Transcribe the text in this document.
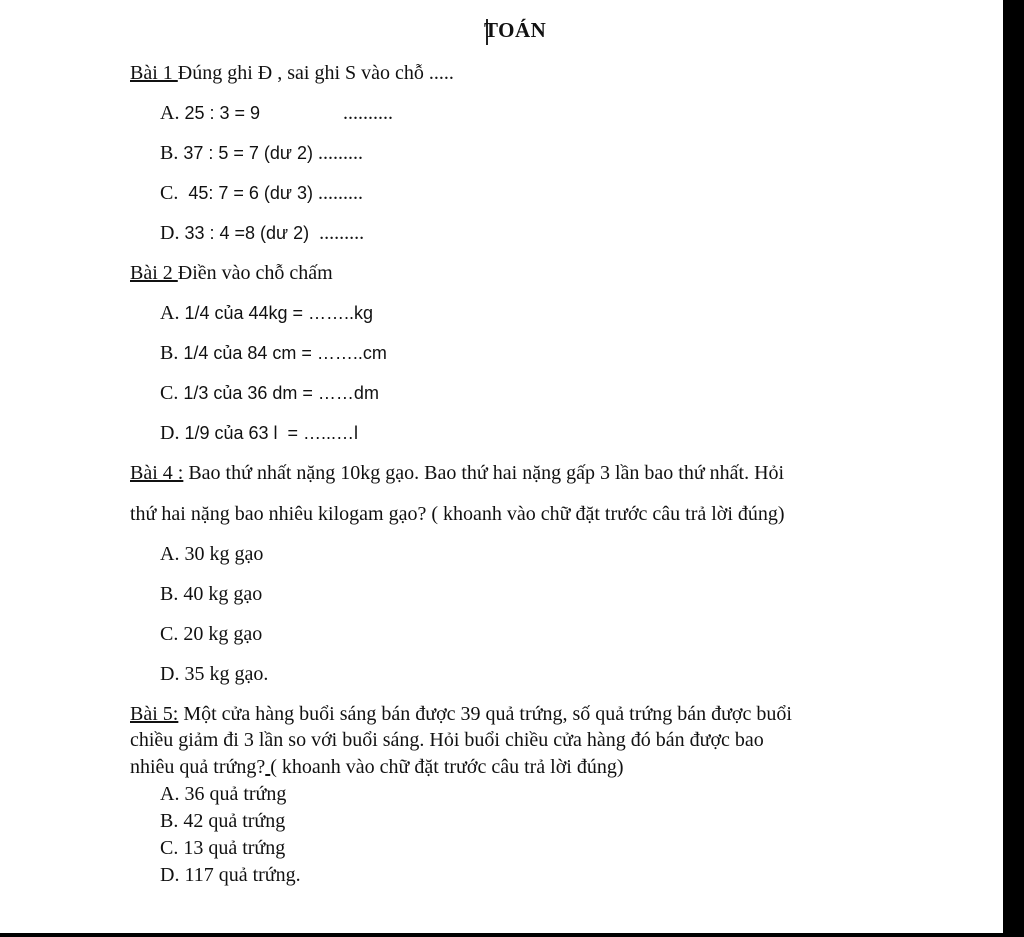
TOÁN
Bài 1 Đúng ghi Đ , sai ghi S vào chỗ .....
A. 25 : 3 = 9	..........
B. 37 : 5 = 7 (dư 2) .........
C. 45: 7 = 6 (dư 3) .........
D. 33 : 4 =8 (dư 2) .........
Bài 2 Điền vào chỗ chấm
A. 1/4 của 44kg = ……..kg
B. 1/4 của 84 cm = ……..cm
C. 1/3 của 36 dm = ……dm
D. 1/9 của 63 l  = …...…l
Bài 4 : Bao thứ nhất nặng 10kg gạo. Bao thứ hai nặng gấp 3 lần bao thứ nhất. Hỏi
thứ hai nặng bao nhiêu kilogam gạo? ( khoanh vào chữ đặt trước câu trả lời đúng)
A. 30 kg gạo
B. 40 kg gạo
C. 20 kg gạo
D. 35 kg gạo.
Bài 5: Một cửa hàng buổi sáng bán được 39 quả trứng, số quả trứng bán được buổi
chiều giảm đi 3 lần so với buổi sáng. Hỏi buổi chiều cửa hàng đó bán được bao
nhiêu quả trứng? ( khoanh vào chữ đặt trước câu trả lời đúng)
A. 36 quả trứng
B. 42 quả trứng
C. 13 quả trứng
D. 117 quả trứng.
